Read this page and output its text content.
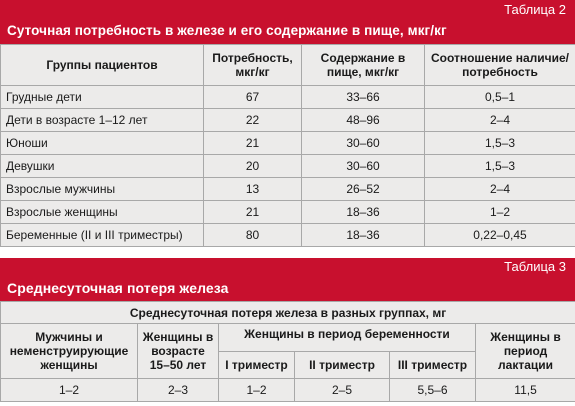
Таблица 2
Суточная потребность в железе и его содержание в пище, мкг/кг
Группы пациентов	Потребность, мкг/кг	Содержание в пище, мкг/кг	Соотношение наличие/потребность
Грудные дети	67	33–66	0,5–1
Дети в возрасте 1–12 лет	22	48–96	2–4
Юноши	21	30–60	1,5–3
Девушки	20	30–60	1,5–3
Взрослые мужчины	13	26–52	2–4
Взрослые женщины	21	18–36	1–2
Беременные (II и III триместры)	80	18–36	0,22–0,45
Таблица 3
Среднесуточная потеря железа
Среднесуточная потеря железа в разных группах, мг					
Мужчины и неменструирующие женщины	Женщины в возрасте 15–50 лет	Женщины в период беременности			Женщины в период лактации
		I триместр	II триместр	III триместр	
1–2	2–3	1–2	2–5	5,5–6	11,5
